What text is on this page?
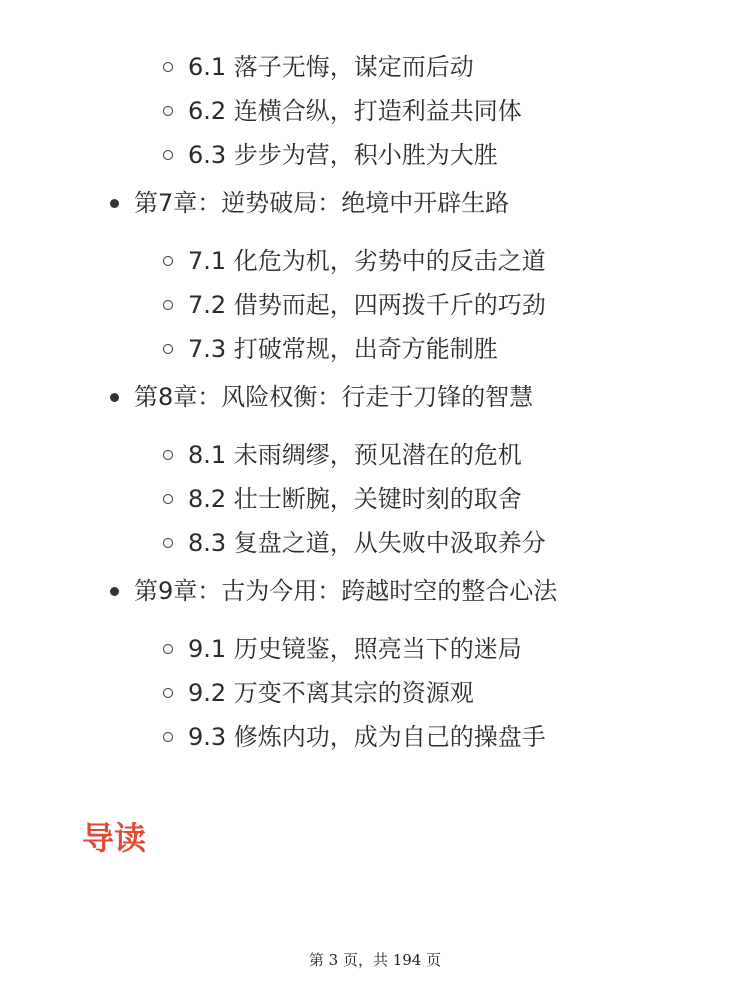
6.1 落子无悔，谋定而后动
6.2 连横合纵，打造利益共同体
6.3 步步为营，积小胜为大胜
第7章：逆势破局：绝境中开辟生路
7.1 化危为机，劣势中的反击之道
7.2 借势而起，四两拨千斤的巧劲
7.3 打破常规，出奇方能制胜
第8章：风险权衡：行走于刀锋的智慧
8.1 未雨绸缪，预见潜在的危机
8.2 壮士断腕，关键时刻的取舍
8.3 复盘之道，从失败中汲取养分
第9章：古为今用：跨越时空的整合心法
9.1 历史镜鉴，照亮当下的迷局
9.2 万变不离其宗的资源观
9.3 修炼内功，成为自己的操盘手
导读
第 3 页，共 194 页
